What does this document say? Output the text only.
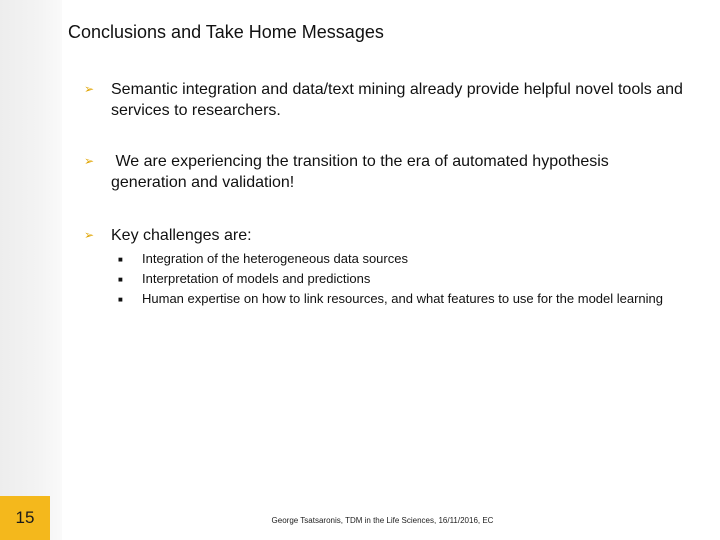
Conclusions and Take Home Messages
➢	Semantic integration and data/text mining already provide helpful novel tools and services to researchers.
➢	We are experiencing the transition to the era of automated hypothesis generation and validation!
➢	Key challenges are:
■	Integration of the heterogeneous data sources
■	Interpretation of models and predictions
■	Human expertise on how to link resources, and what features to use for the model learning
15	George Tsatsaronis, TDM in the Life Sciences, 16/11/2016, EC
